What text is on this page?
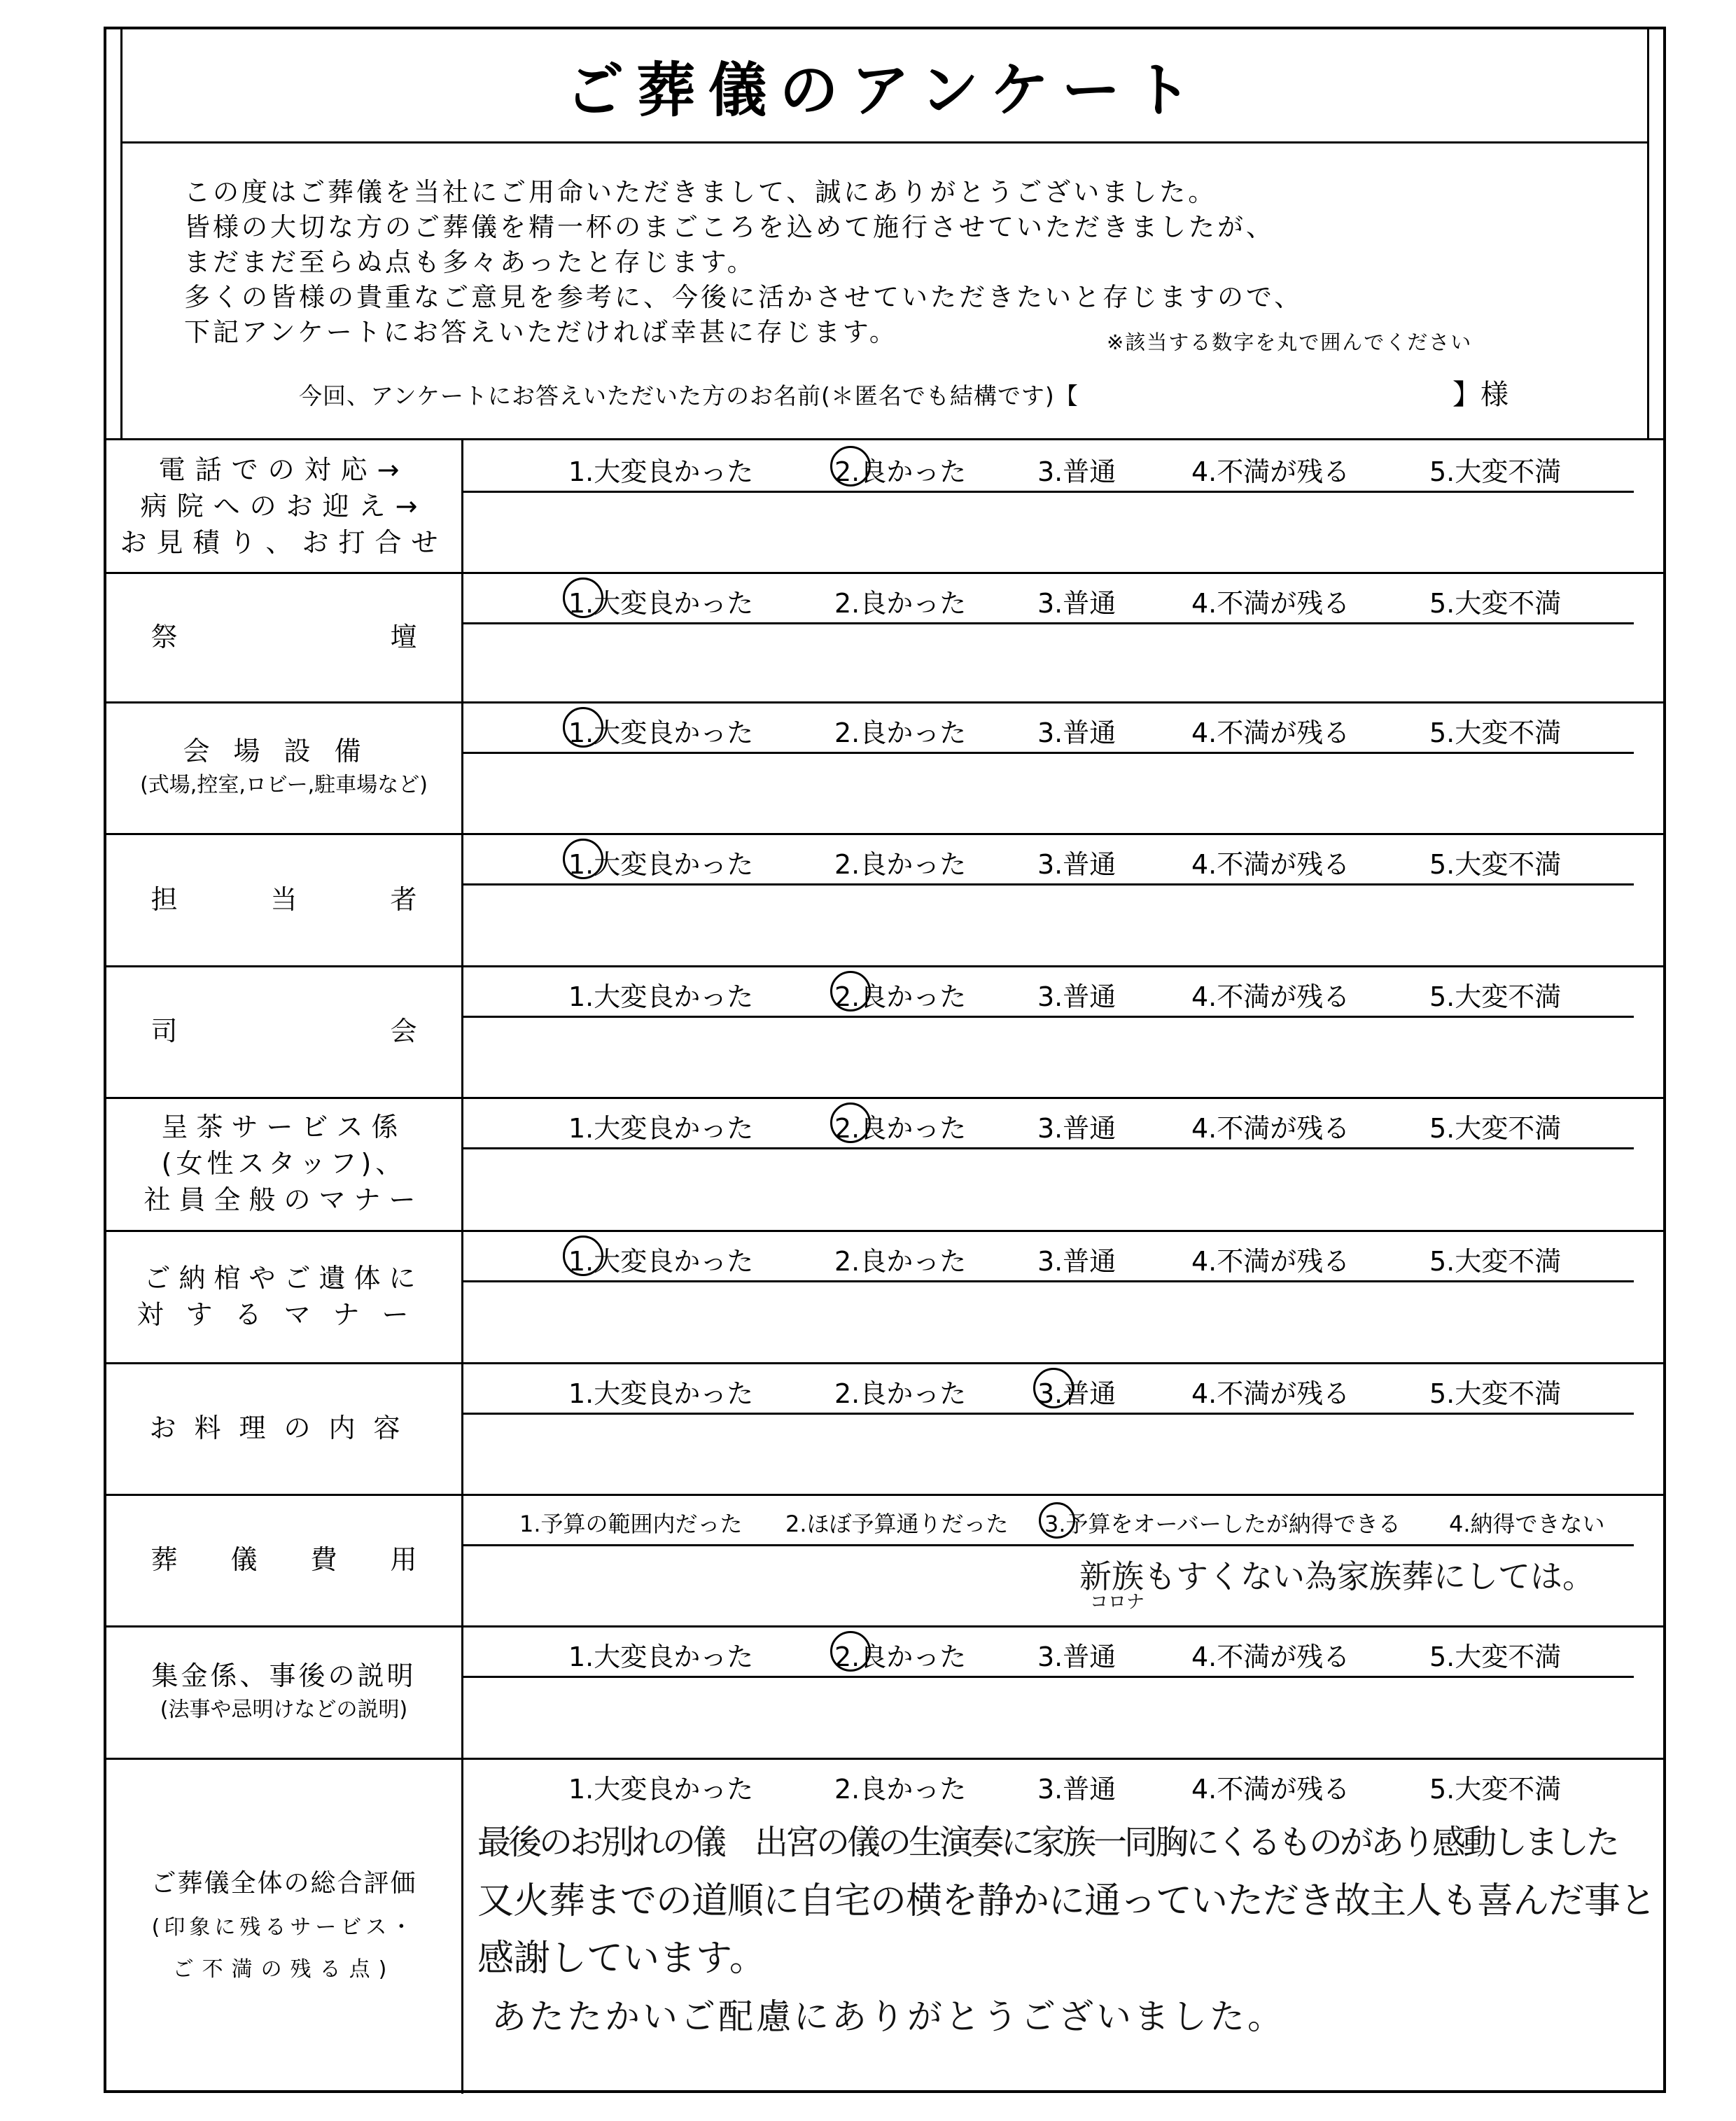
ご葬儀のアンケート
この度はご葬儀を当社にご用命いただきまして、誠にありがとうございました。
皆様の大切な方のご葬儀を精一杯のまごころを込めて施行させていただきましたが、
まだまだ至らぬ点も多々あったと存じます。
多くの皆様の貴重なご意見を参考に、今後に活かさせていただきたいと存じますので、
下記アンケートにお答えいただければ幸甚に存じます。	※該当する数字を丸で囲んでください
今回、アンケートにお答えいただいた方のお名前(＊匿名でも結構です)【	】様
電話での対応→
病院へのお迎え→
お見積り、お打合せ
1.大変良かった	2.良かった	3.普通	4.不満が残る	5.大変不満
祭	壇
1.大変良かった	2.良かった	3.普通	4.不満が残る	5.大変不満
会場設備
(式場,控室,ロビー,駐車場など)
1.大変良かった	2.良かった	3.普通	4.不満が残る	5.大変不満
担	当	者
1.大変良かった	2.良かった	3.普通	4.不満が残る	5.大変不満
司	会
1.大変良かった	2.良かった	3.普通	4.不満が残る	5.大変不満
呈茶サービス係
(女性スタッフ)、
社員全般のマナー
1.大変良かった	2.良かった	3.普通	4.不満が残る	5.大変不満
ご納棺やご遺体に
対するマナー
1.大変良かった	2.良かった	3.普通	4.不満が残る	5.大変不満
お料理の内容
1.大変良かった	2.良かった	3.普通	4.不満が残る	5.大変不満
葬 儀 費 用
1.予算の範囲内だった 2.ほぼ予算通りだった 3.予算をオーバーしたが納得できる 4.納得できない
新族もすくない為家族葬にしては。
コロナ
集金係、事後の説明
(法事や忌明けなどの説明)
1.大変良かった	2.良かった	3.普通	4.不満が残る	5.大変不満
ご葬儀全体の総合評価
(印象に残るサービス・
ご不満の残る点)
1.大変良かった	2.良かった	3.普通	4.不満が残る	5.大変不満
最後のお別れの儀　出宮の儀の生演奏に家族一同胸にくるものがあり感動しました
又火葬までの道順に自宅の横を静かに通っていただき故主人も喜んだ事と
感謝しています。
あたたかいご配慮にありがとうございました。
